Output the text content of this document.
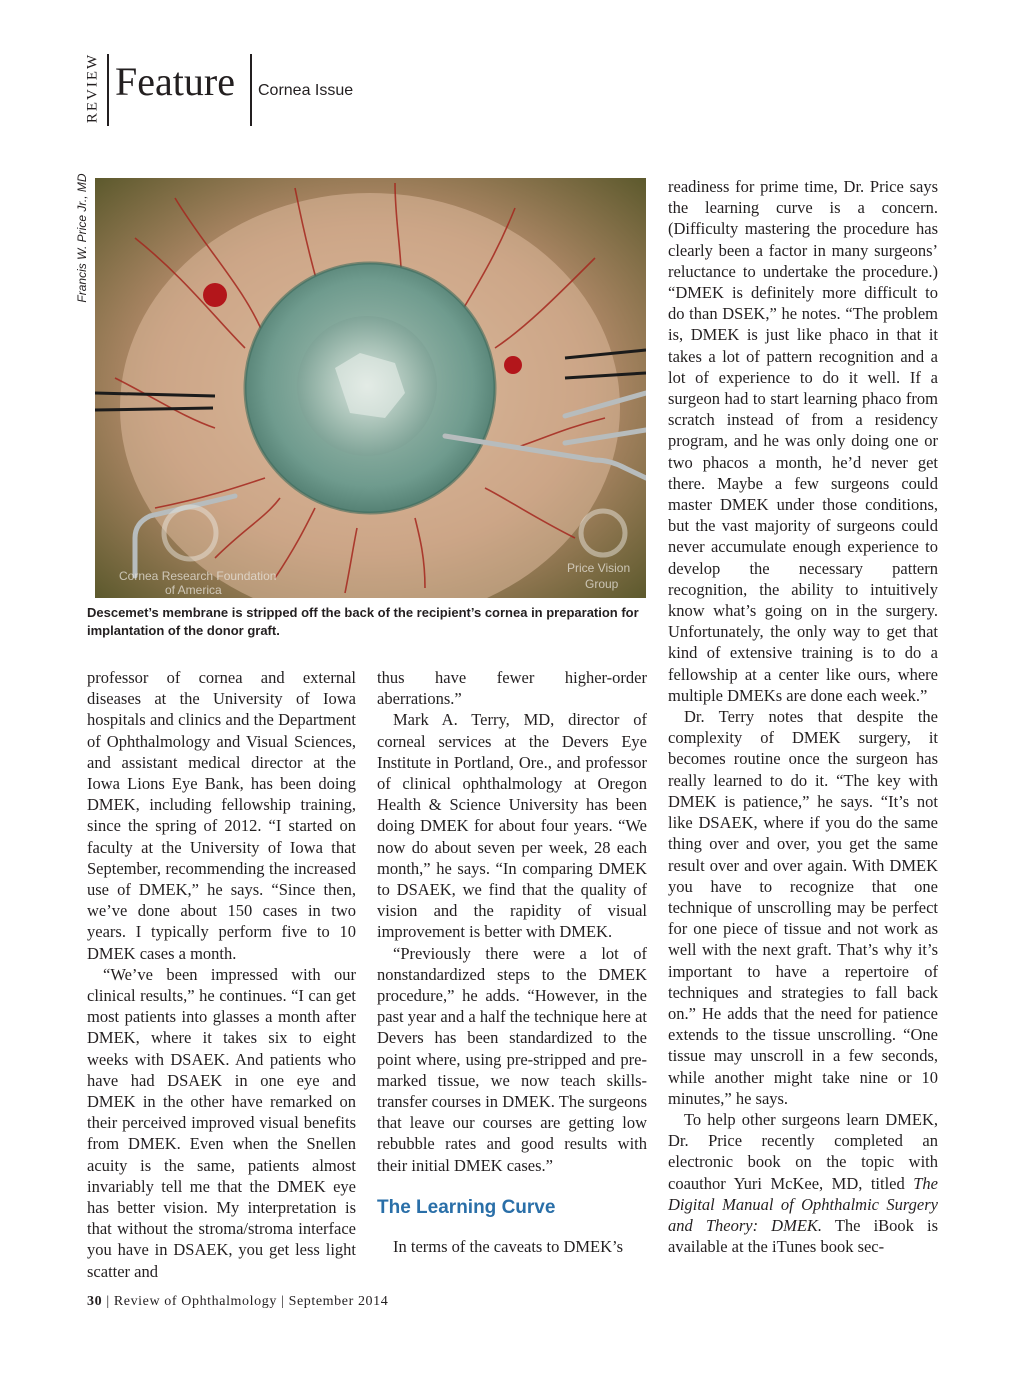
REVIEW Feature Cornea Issue
Francis W. Price Jr., MD
Cornea Research Foundation
of America
Price Vision
Group
Descemet’s membrane is stripped off the back of the recipient’s cornea in preparation for implantation of the donor graft.

professor of cornea and external diseases at the University of Iowa hospitals and clinics and the Department of Ophthalmology and Visual Sciences, and assistant medical director at the Iowa Lions Eye Bank, has been doing DMEK, including fellowship training, since the spring of 2012. “I started on faculty at the University of Iowa that September, recommending the increased use of DMEK,” he says. “Since then, we’ve done about 150 cases in two years. I typically perform five to 10 DMEK cases a month.

“We’ve been impressed with our clinical results,” he continues. “I can get most patients into glasses a month after DMEK, where it takes six to eight weeks with DSAEK. And patients who have had DSAEK in one eye and DMEK in the other have remarked on their perceived improved visual benefits from DMEK. Even when the Snellen acuity is the same, patients almost invariably tell me that the DMEK eye has better vision. My interpretation is that without the stroma/stroma interface you have in DSAEK, you get less light scatter and

thus have fewer higher-order aberrations.”

Mark A. Terry, MD, director of corneal services at the Devers Eye Institute in Portland, Ore., and professor of clinical ophthalmology at Oregon Health & Science University has been doing DMEK for about four years. “We now do about seven per week, 28 each month,” he says. “In comparing DMEK to DSAEK, we find that the quality of vision and the rapidity of visual improvement is better with DMEK.

“Previously there were a lot of nonstandardized steps to the DMEK procedure,” he adds. “However, in the past year and a half the technique here at Devers has been standardized to the point where, using pre-stripped and pre-marked tissue, we now teach skills-transfer courses in DMEK. The surgeons that leave our courses are getting low rebubble rates and good results with their initial DMEK cases.”

The Learning Curve

In terms of the caveats to DMEK’s

readiness for prime time, Dr. Price says the learning curve is a concern. (Difficulty mastering the procedure has clearly been a factor in many surgeons’ reluctance to undertake the procedure.) “DMEK is definitely more difficult to do than DSEK,” he notes. “The problem is, DMEK is just like phaco in that it takes a lot of pattern recognition and a lot of experience to do it well. If a surgeon had to start learning phaco from scratch instead of from a residency program, and he was only doing one or two phacos a month, he’d never get there. Maybe a few surgeons could master DMEK under those conditions, but the vast majority of surgeons could never accumulate enough experience to develop the necessary pattern recognition, the ability to intuitively know what’s going on in the surgery. Unfortunately, the only way to get that kind of extensive training is to do a fellowship at a center like ours, where multiple DMEKs are done each week.”

Dr. Terry notes that despite the complexity of DMEK surgery, it becomes routine once the surgeon has really learned to do it. “The key with DMEK is patience,” he says. “It’s not like DSAEK, where if you do the same thing over and over, you get the same result over and over again. With DMEK you have to recognize that one technique of unscrolling may be perfect for one piece of tissue and not work as well with the next graft. That’s why it’s important to have a repertoire of techniques and strategies to fall back on.” He adds that the need for patience extends to the tissue unscrolling. “One tissue may unscroll in a few seconds, while another might take nine or 10 minutes,” he says.

To help other surgeons learn DMEK, Dr. Price recently completed an electronic book on the topic with coauthor Yuri McKee, MD, titled The Digital Manual of Ophthalmic Surgery and Theory: DMEK. The iBook is available at the iTunes book sec-

30 | Review of Ophthalmology | September 2014
